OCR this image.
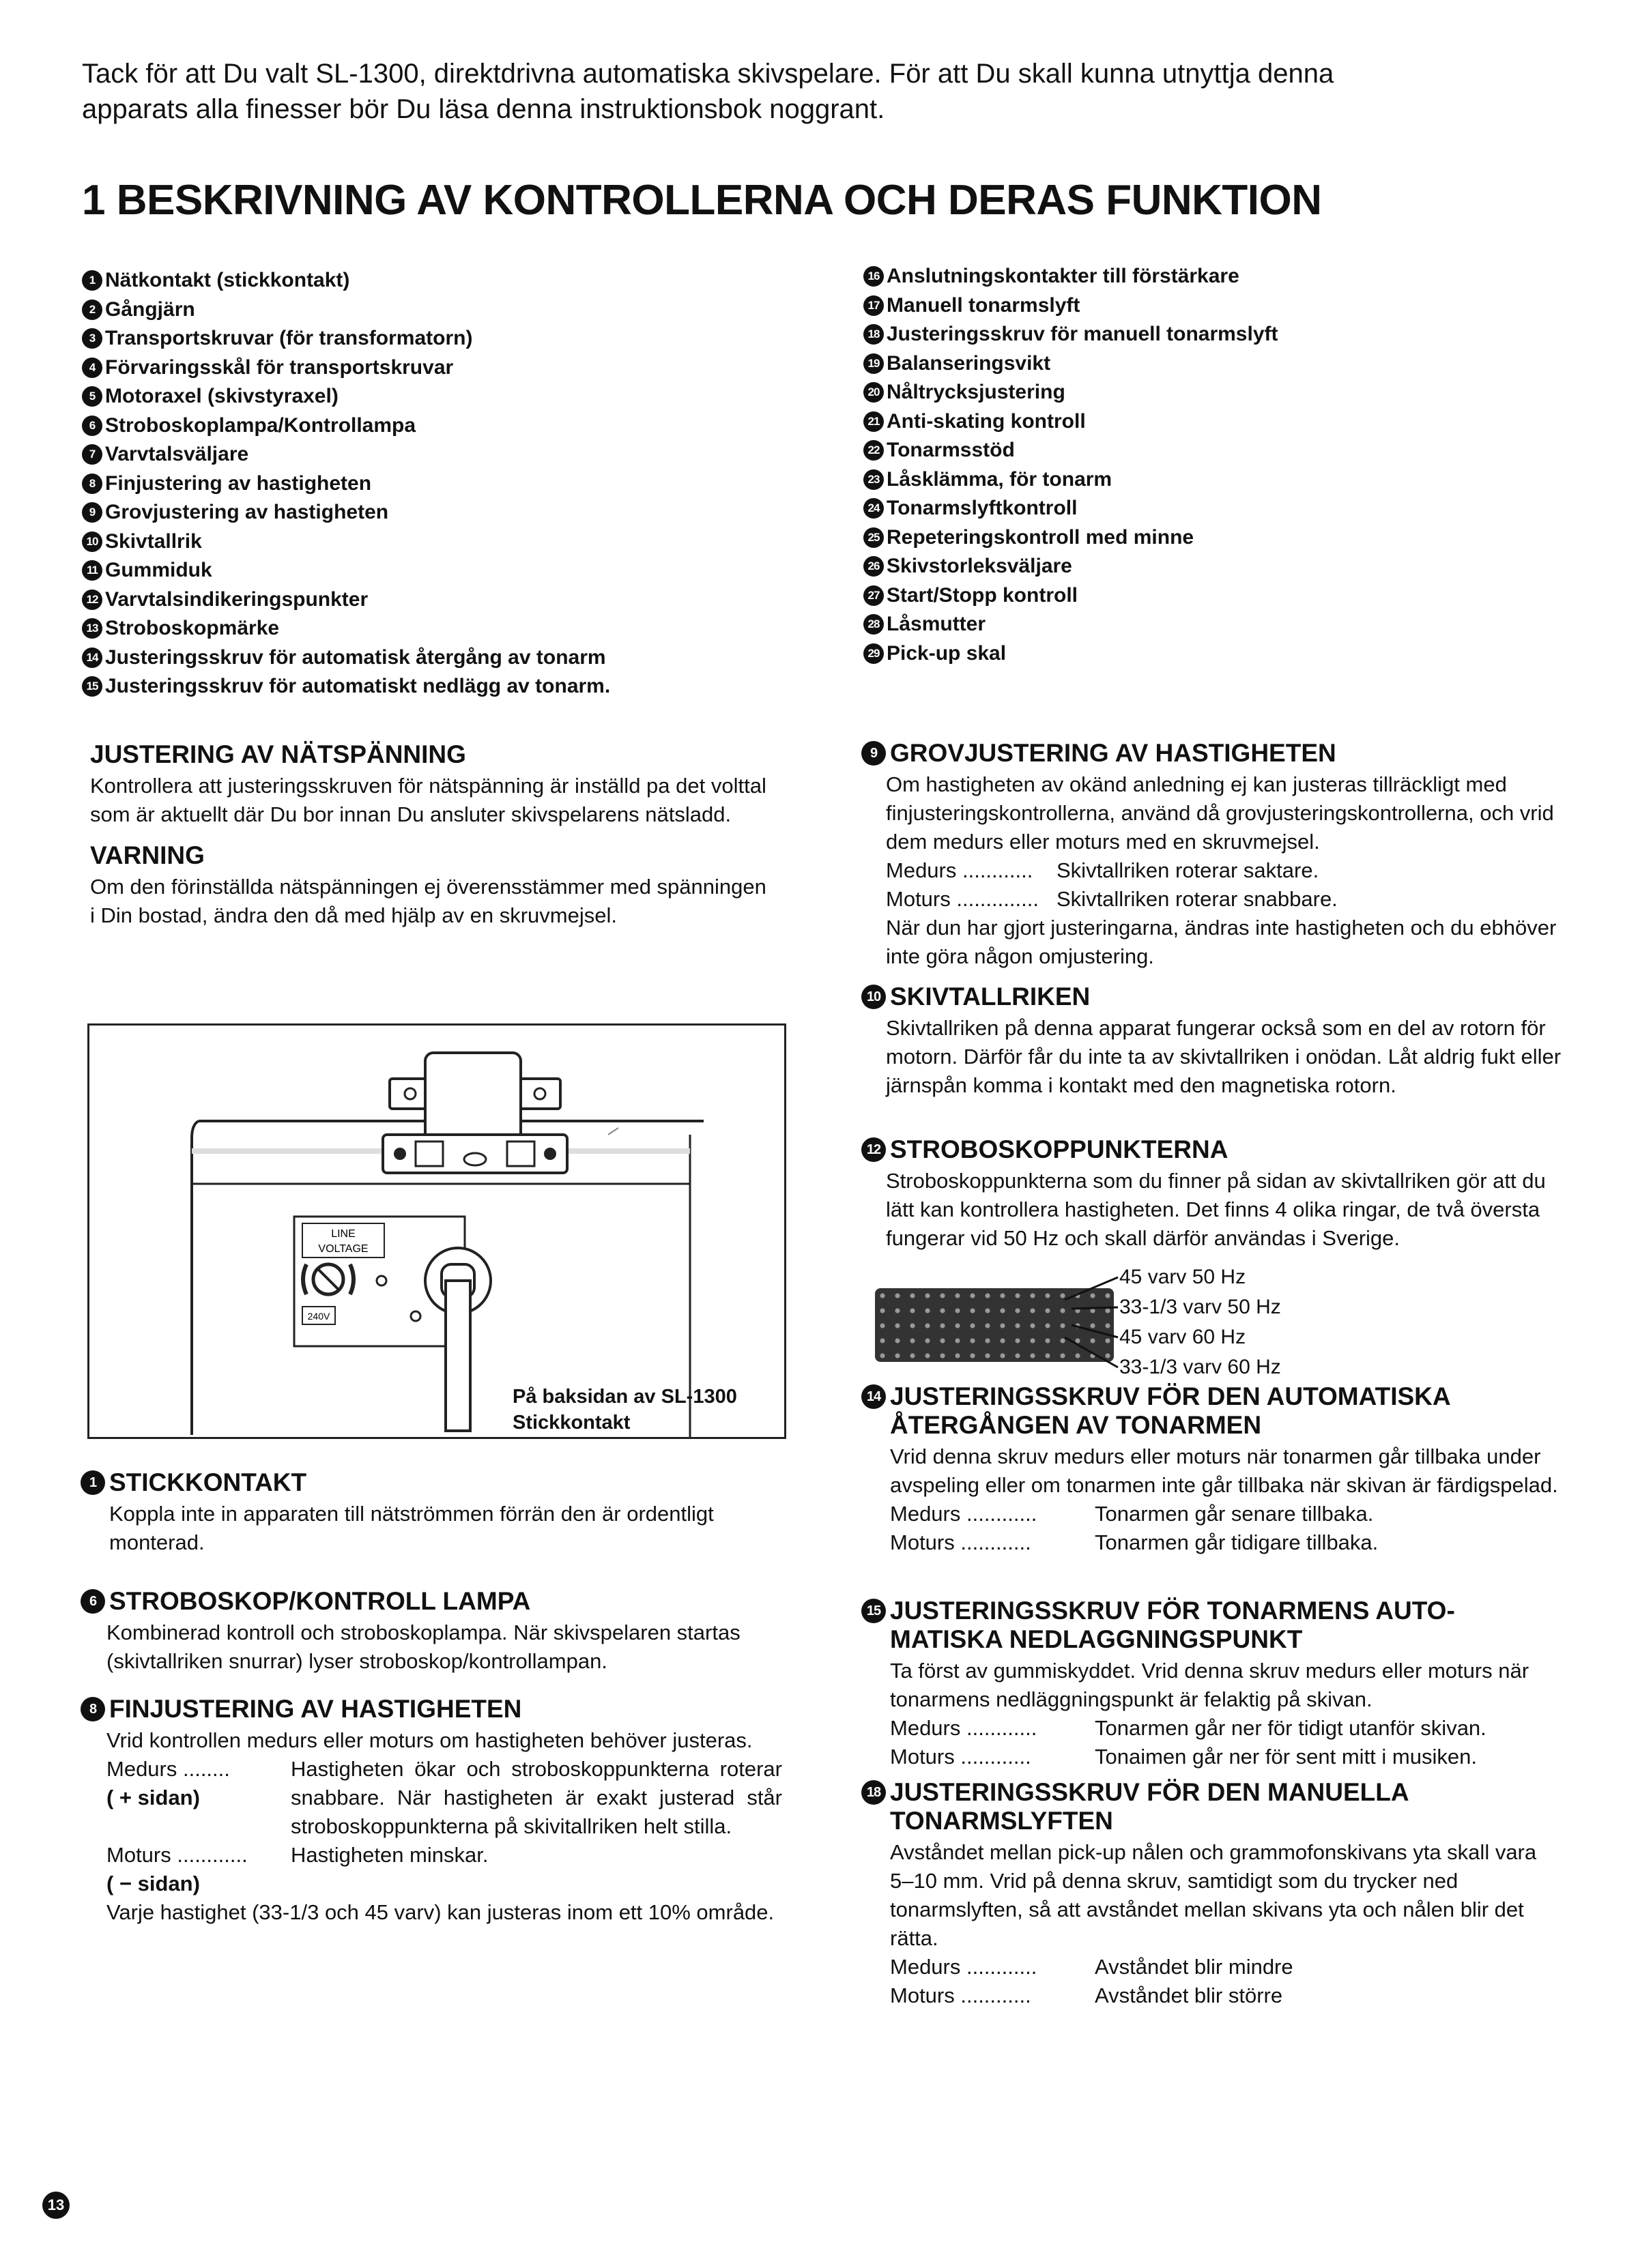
Tack för att Du valt SL-1300, direktdrivna automatiska skivspelare. För att Du skall kunna utnyttja denna apparats alla finesser bör Du läsa denna instruktionsbok noggrant.
1 BESKRIVNING AV KONTROLLERNA OCH DERAS FUNKTION
1 Nätkontakt (stickkontakt)
2 Gångjärn
3 Transportskruvar (för transformatorn)
4 Förvaringsskål för transportskruvar
5 Motoraxel (skivstyraxel)
6 Stroboskoplampa/Kontrollampa
7 Varvtalsväljare
8 Finjustering av hastigheten
9 Grovjustering av hastigheten
10 Skivtallrik
11 Gummiduk
12 Varvtalsindikeringspunkter
13 Stroboskopmärke
14 Justeringsskruv för automatisk återgång av tonarm
15 Justeringsskruv för automatiskt nedlägg av tonarm.
16 Anslutningskontakter till förstärkare
17 Manuell tonarmslyft
18 Justeringsskruv för manuell tonarmslyft
19 Balanseringsvikt
20 Nåltrycksjustering
21 Anti-skating kontroll
22 Tonarmsstöd
23 Låsklämma, för tonarm
24 Tonarmslyftkontroll
25 Repeteringskontroll med minne
26 Skivstorleksväljare
27 Start/Stopp kontroll
28 Låsmutter
29 Pick-up skal
JUSTERING AV NÄTSPÄNNING
Kontrollera att justeringsskruven för nätspänning är inställd pa det volttal som är aktuellt där Du bor innan Du ansluter skivspelarens nätsladd.
VARNING
Om den förinställda nätspänningen ej överensstämmer med spänningen i Din bostad, ändra den då med hjälp av en skruvmejsel.
LINE
VOLTAGE
240V
På baksidan av SL-1300
Stickkontakt
1 STICKKONTAKT
Koppla inte in apparaten till nätströmmen förrän den är ordentligt monterad.
6 STROBOSKOP/KONTROLL LAMPA
Kombinerad kontroll och stroboskoplampa. När skivspelaren startas (skivtallriken snurrar) lyser stroboskop/kontrollampan.
8 FINJUSTERING AV HASTIGHETEN
Vrid kontrollen medurs eller moturs om hastigheten behöver justeras.
Medurs ........
( + sidan)
Hastigheten ökar och stroboskoppunkterna roterar snabbare. När hastigheten är exakt justerad står stroboskoppunkterna på skivitallriken helt stilla.
Moturs ............
( − sidan)
Hastigheten minskar.
Varje hastighet (33-1/3 och 45 varv) kan justeras inom ett 10% område.
9 GROVJUSTERING AV HASTIGHETEN
Om hastigheten av okänd anledning ej kan justeras tillräckligt med finjusteringskontrollerna, använd då grovjusteringskontrollerna, och vrid dem medurs eller moturs med en skruvmejsel.
Medurs ............ Skivtallriken roterar saktare.
Moturs .............. Skivtallriken roterar snabbare.
När dun har gjort justeringarna, ändras inte hastigheten och du ebhöver inte göra någon omjustering.
10 SKIVTALLRIKEN
Skivtallriken på denna apparat fungerar också som en del av rotorn för motorn. Därför får du inte ta av skivtallriken i onödan. Låt aldrig fukt eller järnspån komma i kontakt med den magnetiska rotorn.
12 STROBOSKOPPUNKTERNA
Stroboskoppunkterna som du finner på sidan av skivtallriken gör att du lätt kan kontrollera hastigheten. Det finns 4 olika ringar, de två översta fungerar vid 50 Hz och skall därför användas i Sverige.
45 varv 50 Hz
33-1/3 varv 50 Hz
45 varv 60 Hz
33-1/3 varv 60 Hz
14 JUSTERINGSSKRUV FÖR DEN AUTOMATISKA
ÅTERGÅNGEN AV TONARMEN
Vrid denna skruv medurs eller moturs när tonarmen går tillbaka under avspeling eller om tonarmen inte går tillbaka när skivan är färdigspelad.
Medurs ............	Tonarmen går senare tillbaka.
Moturs ............	Tonarmen går tidigare tillbaka.
15 JUSTERINGSSKRUV FÖR TONARMENS AUTO-
MATISKA NEDLAGGNINGSPUNKT
Ta först av gummiskyddet. Vrid denna skruv medurs eller moturs när tonarmens nedläggningspunkt är felaktig på skivan.
Medurs ............	Tonarmen går ner för tidigt utanför skivan.
Moturs ............	Tonaimen går ner för sent mitt i musiken.
18 JUSTERINGSSKRUV FÖR DEN MANUELLA
TONARMSLYFTEN
Avståndet mellan pick-up nålen och grammofonskivans yta skall vara 5–10 mm. Vrid på denna skruv, samtidigt som du trycker ned tonarmslyften, så att avståndet mellan skivans yta och nålen blir det rätta.
Medurs ............	Avståndet blir mindre
Moturs ............	Avståndet blir större
13
